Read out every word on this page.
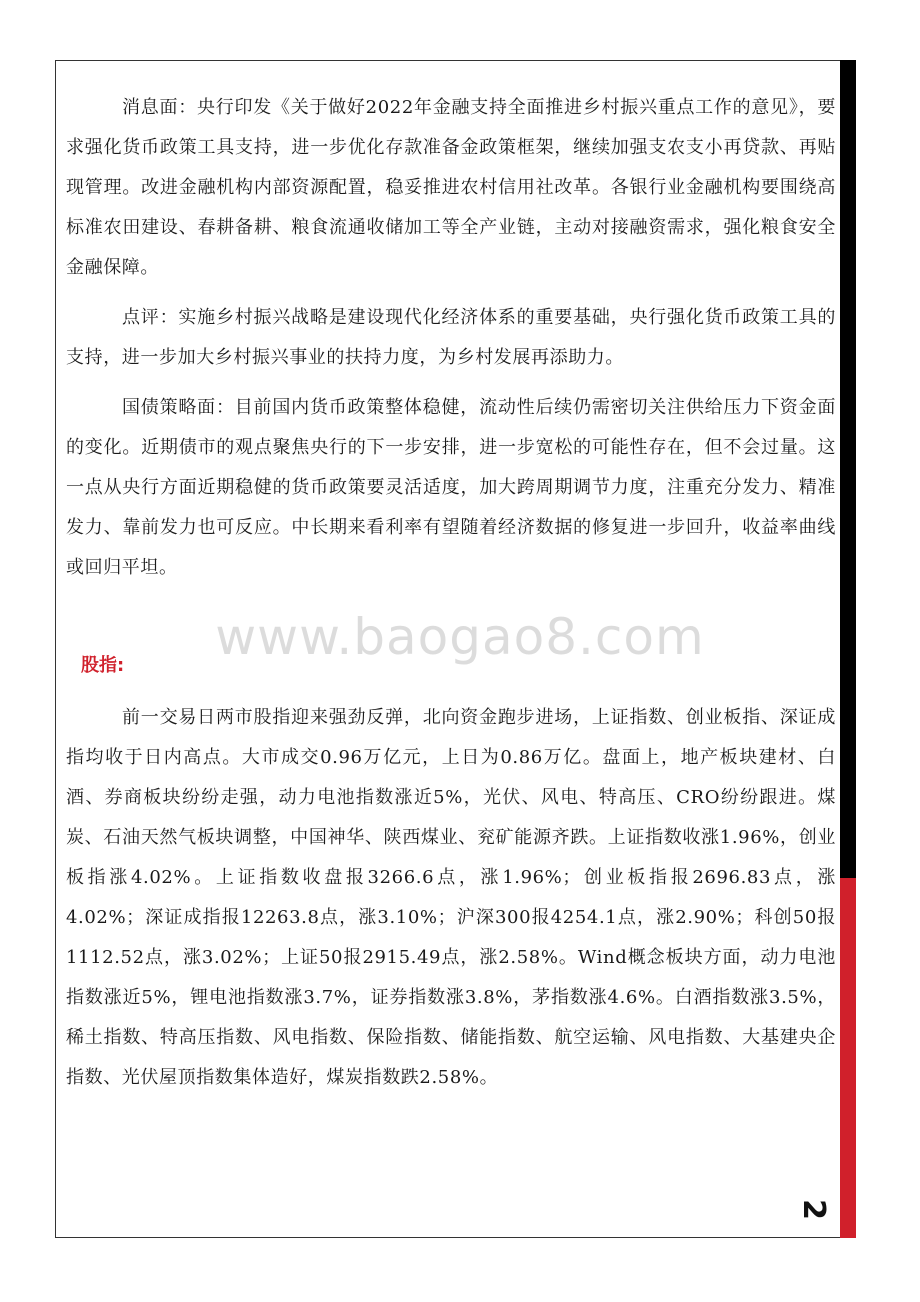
www.baogao8.com

消息面：央行印发《关于做好2022年金融支持全面推进乡村振兴重点工作的意见》，要求强化货币政策工具支持，进一步优化存款准备金政策框架，继续加强支农支小再贷款、再贴现管理。改进金融机构内部资源配置，稳妥推进农村信用社改革。各银行业金融机构要围绕高标准农田建设、春耕备耕、粮食流通收储加工等全产业链，主动对接融资需求，强化粮食安全金融保障。

点评：实施乡村振兴战略是建设现代化经济体系的重要基础，央行强化货币政策工具的支持，进一步加大乡村振兴事业的扶持力度，为乡村发展再添助力。

国债策略面：目前国内货币政策整体稳健，流动性后续仍需密切关注供给压力下资金面的变化。近期债市的观点聚焦央行的下一步安排，进一步宽松的可能性存在，但不会过量。这一点从央行方面近期稳健的货币政策要灵活适度，加大跨周期调节力度，注重充分发力、精准发力、靠前发力也可反应。中长期来看利率有望随着经济数据的修复进一步回升，收益率曲线或回归平坦。

股指:

前一交易日两市股指迎来强劲反弹，北向资金跑步进场，上证指数、创业板指、深证成指均收于日内高点。大市成交0.96万亿元，上日为0.86万亿。盘面上，地产板块建材、白酒、券商板块纷纷走强，动力电池指数涨近5%，光伏、风电、特高压、CRO纷纷跟进。煤炭、石油天然气板块调整，中国神华、陕西煤业、兖矿能源齐跌。上证指数收涨1.96%，创业板指涨4.02%。上证指数收盘报3266.6点，涨1.96%；创业板指报2696.83点，涨4.02%；深证成指报12263.8点，涨3.10%；沪深300报4254.1点，涨2.90%；科创50报1112.52点，涨3.02%；上证50报2915.49点，涨2.58%。Wind概念板块方面，动力电池指数涨近5%，锂电池指数涨3.7%，证券指数涨3.8%，茅指数涨4.6%。白酒指数涨3.5%，稀土指数、特高压指数、风电指数、保险指数、储能指数、航空运输、风电指数、大基建央企指数、光伏屋顶指数集体造好，煤炭指数跌2.58%。

2
